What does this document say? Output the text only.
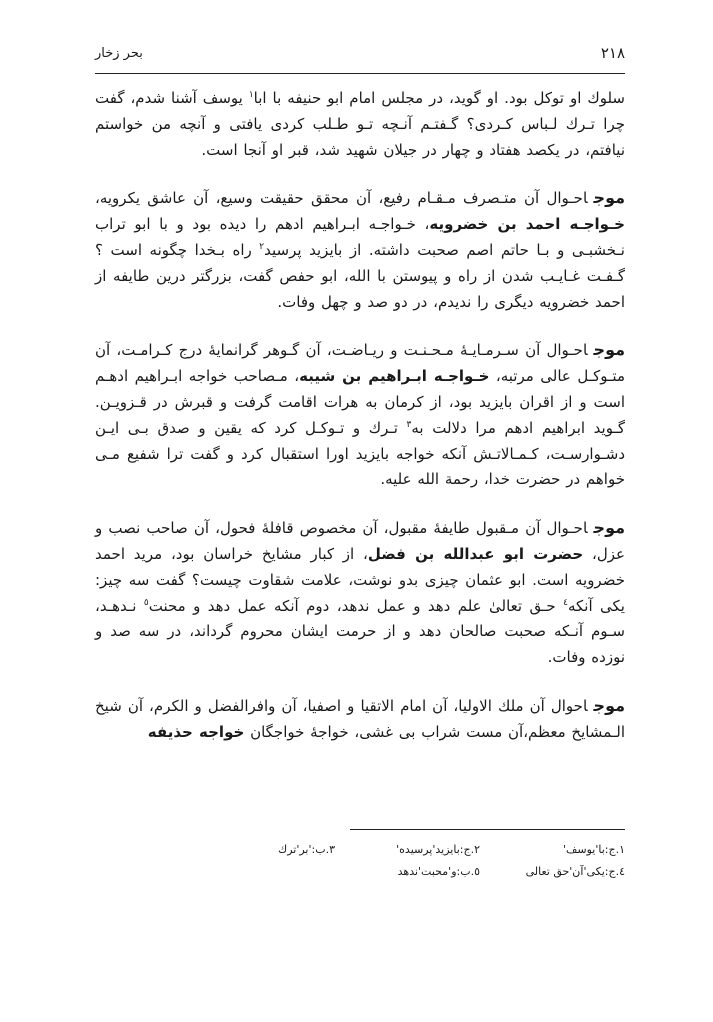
۲۱۸
بحر زخار

سلوك او توكل بود. او گويد، در مجلس امام ابو حنيفه با ابا$^۱$ يوسف آشنا شدم، گفت چرا تـرك لـباس كـردی؟ گـفتـم آنـچه تـو طـلب كردی يافتی و آنچه من خواستم نيافتم، در يكصد هفتاد و چهار در جيلان شهيد شد، قبر او آنجا است.

موجاحـوال آن متـصرف مـقـام رفيع، آن محقق حقيقت وسيع، آن عاشق يكرويه، خـواجـه احمد بن خضرويه، خـواجـه ابـراهيم ادهم را ديده بود و با ابو تراب نـخشبـی و بـا حاتم اصم صحبت داشته. از بايزيد پرسيد$^۲$ راه بـخدا چگونه است ؟ گـفـت غـايـب شدن از راه و پيوستن با الله، ابو حفص گفت، بزرگتر درين طايفه از احمد خضرويه ديگری را نديدم، در دو صد و چهل وفات.

موجاحـوال آن سـرمـايـهٔ مـحـنـت و ريـاضـت، آن گـوهر گرانمايهٔ درج كـرامـت، آن متـوكـل عالی مرتبه، خـواجـه ابـراهيم بن شيبه، مـصاحب خواجه ابـراهيم ادهـم است و از اقران بايزيد بود، از كرمان به هرات اقامت گرفت و قبرش در قـزويـن. گـويد ابراهيم ادهم مرا دلالت به$^۳$ تـرك و تـوكـل كرد كه يقين و صدق بـی ايـن دشـوارسـت، كـمـالاتـش آنكه خواجه بايزيد اورا استقبال كرد و گفت ترا شفيع مـی خواهم در حضرت خدا، رحمة الله عليه.

موجاحـوال آن مـقبول طايفهٔ مقبول، آن مخصوص قافلهٔ فحول، آن صاحب نصب و عزل، حضرت ابو عبدالله بن فضل، از كبار مشايخ خراسان بود، مريد احمد خضرويه است. ابو عثمان چيزی بدو نوشت، علامت شقاوت چيست؟ گفت سه چيز: يكی آنكه$^٤$ حـق تعالیٰ علم دهد و عمل ندهد، دوم آنكه عمل دهد و محنت$^٥$ نـدهـد، سـوم آنـكه صحبت صالحان دهد و از حرمت ايشان محروم گرداند، در سه صد و نوزده وفات.

موجاحوال آن ملك الاوليا، آن امام الاتقيا و اصفيا، آن وافرالفضل و الكرم، آن شيخ الـمشايخ معظم،آن مست شراب بی غشی، خواجهٔ خواجگان خواجه حذيفه

۱.ج:با'يوسف'
۲.ج:بايزيد'پرسيده'
۳.ب:'بر'ترك
٤.ج:يكی'آن'حق تعالی
٥.ب:و'محبت'ندهد
